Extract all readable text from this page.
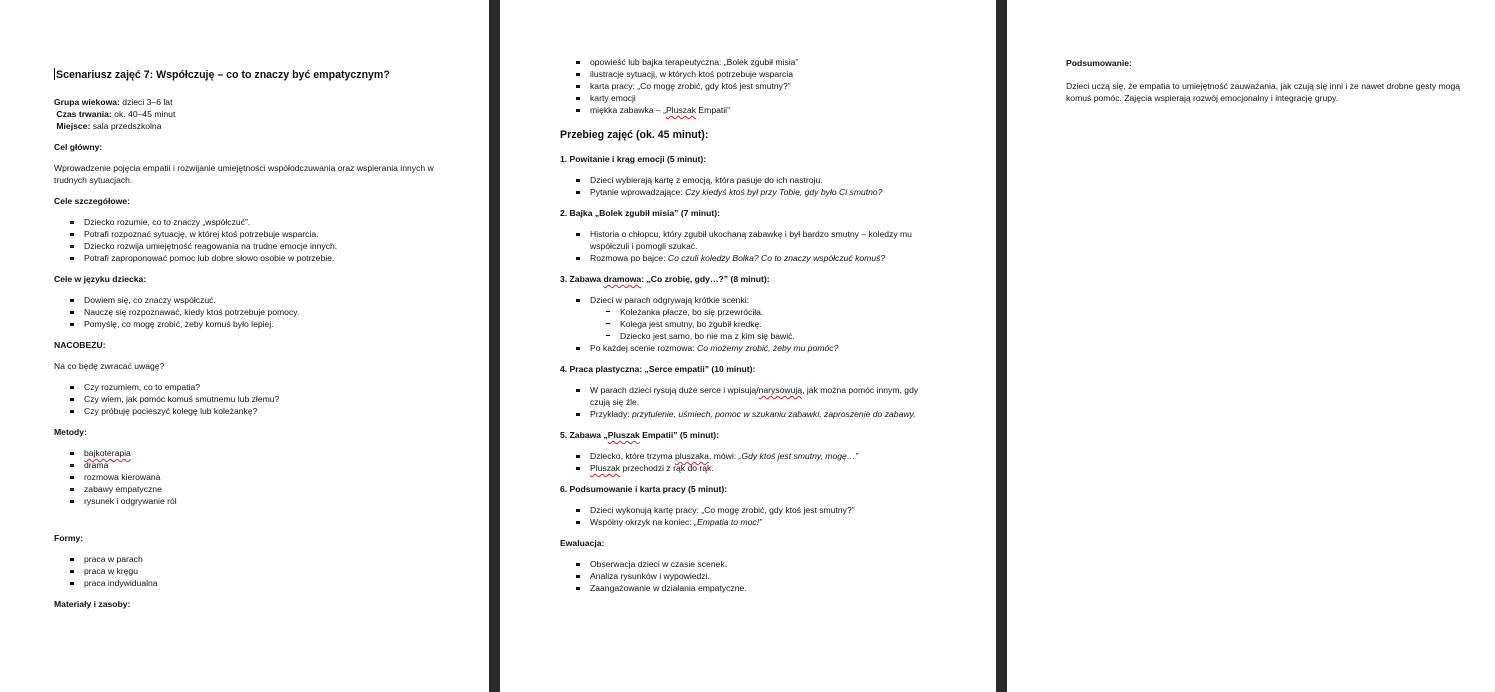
Scenariusz zajęć 7: Współczuję – co to znaczy być empatycznym?
Grupa wiekowa: dzieci 3–6 lat
Czas trwania: ok. 40–45 minut
Miejsce: sala przedszkolna
Cel główny:

Wprowadzenie pojęcia empatii i rozwijanie umiejętności współodczuwania oraz wspierania innych w trudnych sytuacjach.

Cele szczegółowe:
Dziecko rozumie, co to znaczy „współczuć”.
Potrafi rozpoznać sytuację, w której ktoś potrzebuje wsparcia.
Dziecko rozwija umiejętność reagowania na trudne emocje innych.
Potrafi zaproponować pomoc lub dobre słowo osobie w potrzebie.
Cele w języku dziecka:
Dowiem się, co znaczy współczuć.
Nauczę się rozpoznawać, kiedy ktoś potrzebuje pomocy.
Pomyślę, co mogę zrobić, żeby komuś było lepiej.
NACOBEZU:

Na co będę zwracać uwagę?

Czy rozumiem, co to empatia?
Czy wiem, jak pomóc komuś smutnemu lub złemu?
Czy próbuję pocieszyć kolegę lub koleżankę?
Metody:
bajkoterapia
drama
rozmowa kierowana
zabawy empatyczne
rysunek i odgrywanie ról
Formy:
praca w parach
praca w kręgu
praca indywidualna
Materiały i zasoby:
opowieść lub bajka terapeutyczna: „Bolek zgubił misia”
ilustracje sytuacji, w których ktoś potrzebuje wsparcia
karta pracy: „Co mogę zrobić, gdy ktoś jest smutny?”
karty emocji
miękka zabawka – „Pluszak Empatii”
Przebieg zajęć (ok. 45 minut):
1. Powitanie i krąg emocji (5 minut):
Dzieci wybierają kartę z emocją, która pasuje do ich nastroju.
Pytanie wprowadzające: Czy kiedyś ktoś był przy Tobie, gdy było Ci smutno?
2. Bajka „Bolek zgubił misia” (7 minut):
Historia o chłopcu, który zgubił ukochaną zabawkę i był bardzo smutny – koledzy mu współczuli i pomogli szukać.
Rozmowa po bajce: Co czuli koledzy Bolka? Co to znaczy współczuć komuś?
3. Zabawa dramowa: „Co zrobię, gdy…?” (8 minut):
Dzieci w parach odgrywają krótkie scenki:
Koleżanka płacze, bo się przewróciła.
Kolega jest smutny, bo zgubił kredkę.
Dziecko jest samo, bo nie ma z kim się bawić.
Po każdej scenie rozmowa: Co możemy zrobić, żeby mu pomóc?
4. Praca plastyczna: „Serce empatii” (10 minut):
W parach dzieci rysują duże serce i wpisują/narysowują, jak można pomóc innym, gdy czują się źle.
Przykłady: przytulenie, uśmiech, pomoc w szukaniu zabawki, zaproszenie do zabawy.
5. Zabawa „Pluszak Empatii” (5 minut):
Dziecko, które trzyma pluszaka, mówi: „Gdy ktoś jest smutny, mogę…”
Pluszak przechodzi z rąk do rąk.
6. Podsumowanie i karta pracy (5 minut):
Dzieci wykonują kartę pracy: „Co mogę zrobić, gdy ktoś jest smutny?”
Wspólny okrzyk na koniec: „Empatia to moc!”
Ewaluacja:
Obserwacja dzieci w czasie scenek.
Analiza rysunków i wypowiedzi.
Zaangażowanie w działania empatyczne.
Podsumowanie:

Dzieci uczą się, że empatia to umiejętność zauważania, jak czują się inni i że nawet drobne gesty mogą komuś pomóc. Zajęcia wspierają rozwój emocjonalny i integrację grupy.
